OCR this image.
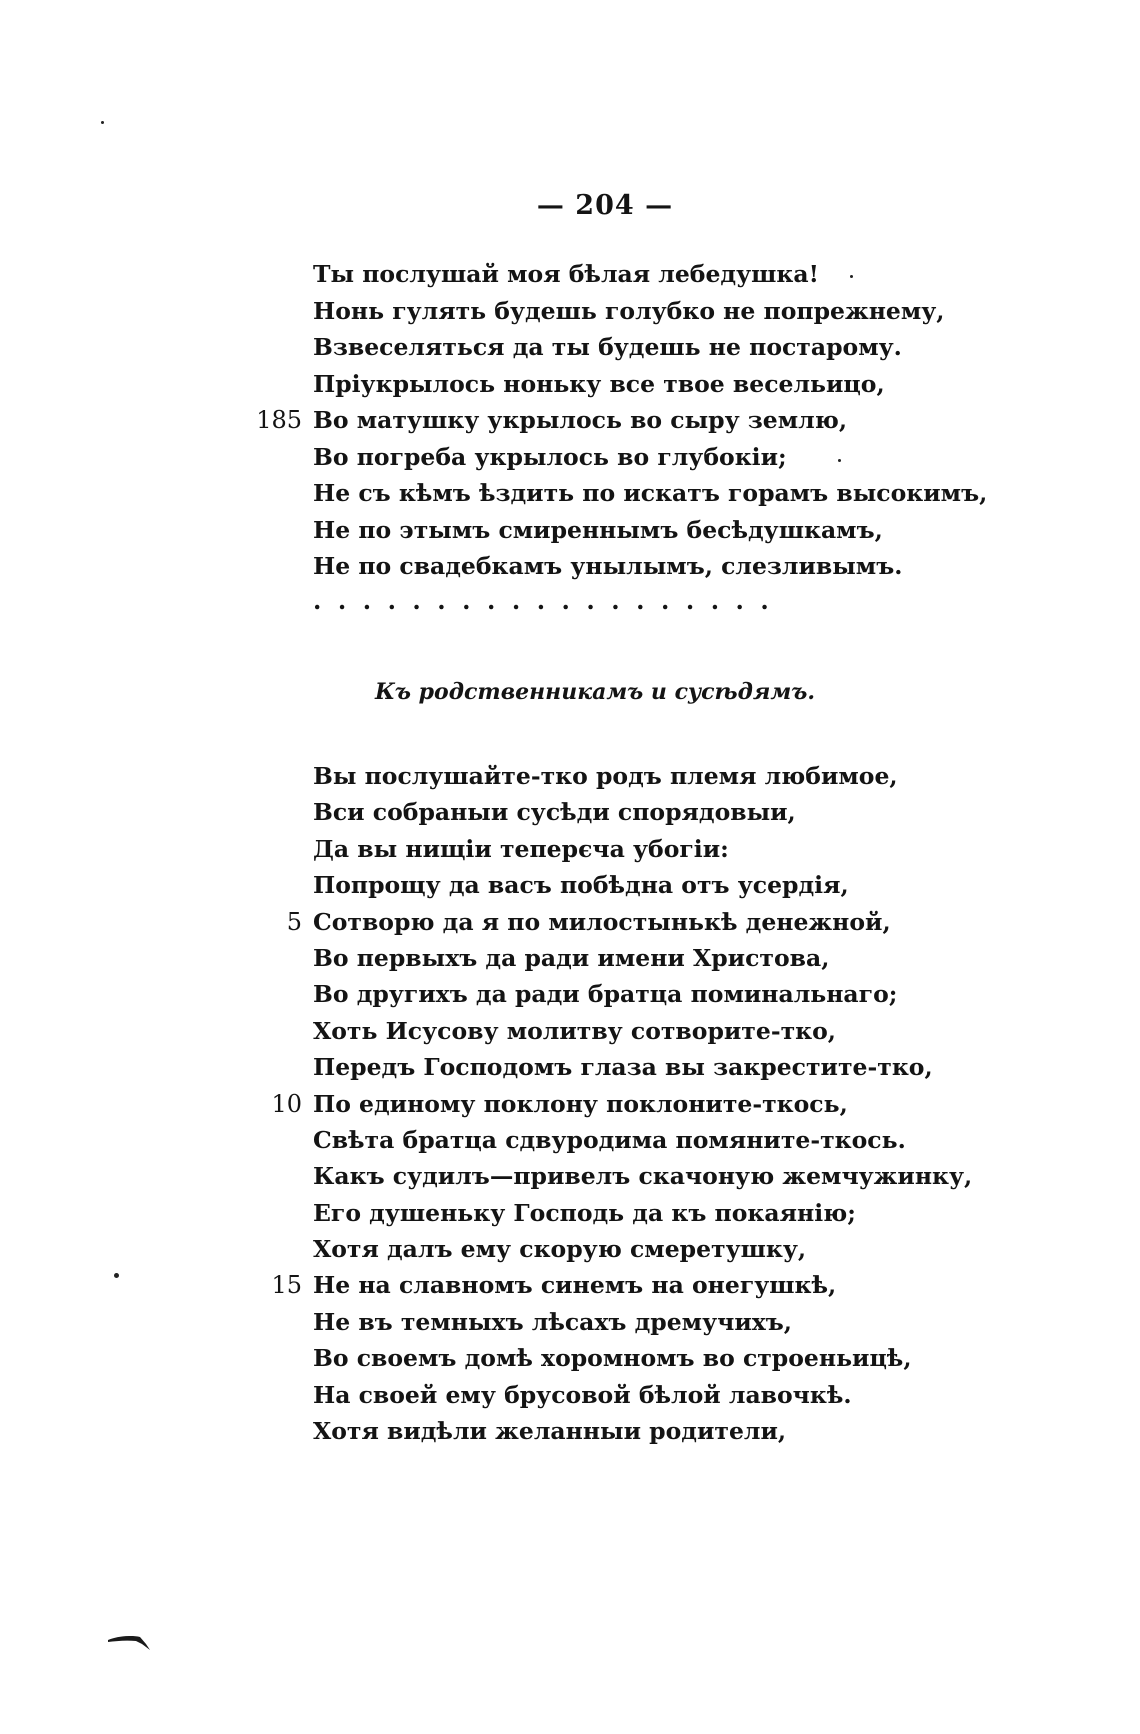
— 204 —
Ты послушай моя бѣлая лебедушка!
Нонь гулять будешь голубко не попрежнему,
Взвеселяться да ты будешь не постарому.
Пріукрылось ноньку все твое весельицо,
185 Во матушку укрылось во сыру землю,
Во погреба укрылось во глубокіи;
Не съ кѣмъ ѣздить по искатъ горамъ высокимъ,
Не по этымъ смиреннымъ бесѣдушкамъ,
Не по свадебкамъ унылымъ, слезливымъ.
...................
Къ родственникамъ и сусѣдямъ.
Вы послушайте-тко родъ племя любимое,
Вси собраныи сусѣди спорядовыи,
Да вы нищіи теперєча убогіи:
Попрощу да васъ побѣдна отъ усердія,
5 Сотворю да я по милостынькѣ денежной,
Во первыхъ да ради имени Христова,
Во другихъ да ради братца поминальнаго;
Хоть Исусову молитву сотворите-тко,
Передъ Господомъ глаза вы закрестите-тко,
10 По единому поклону поклоните-ткось,
Свѣта братца сдвуродима помяните-ткось.
Какъ судилъ—привелъ скачоную жемчужинку,
Его душеньку Господь да къ покаянію;
Хотя далъ ему скорую смеретушку,
15 Не на славномъ синемъ на онегушкѣ,
Не въ темныхъ лѣсахъ дремучихъ,
Во своемъ домѣ хоромномъ во строеньицѣ,
На своей ему брусовой бѣлой лавочкѣ.
Хотя видѣли желанныи родители,
